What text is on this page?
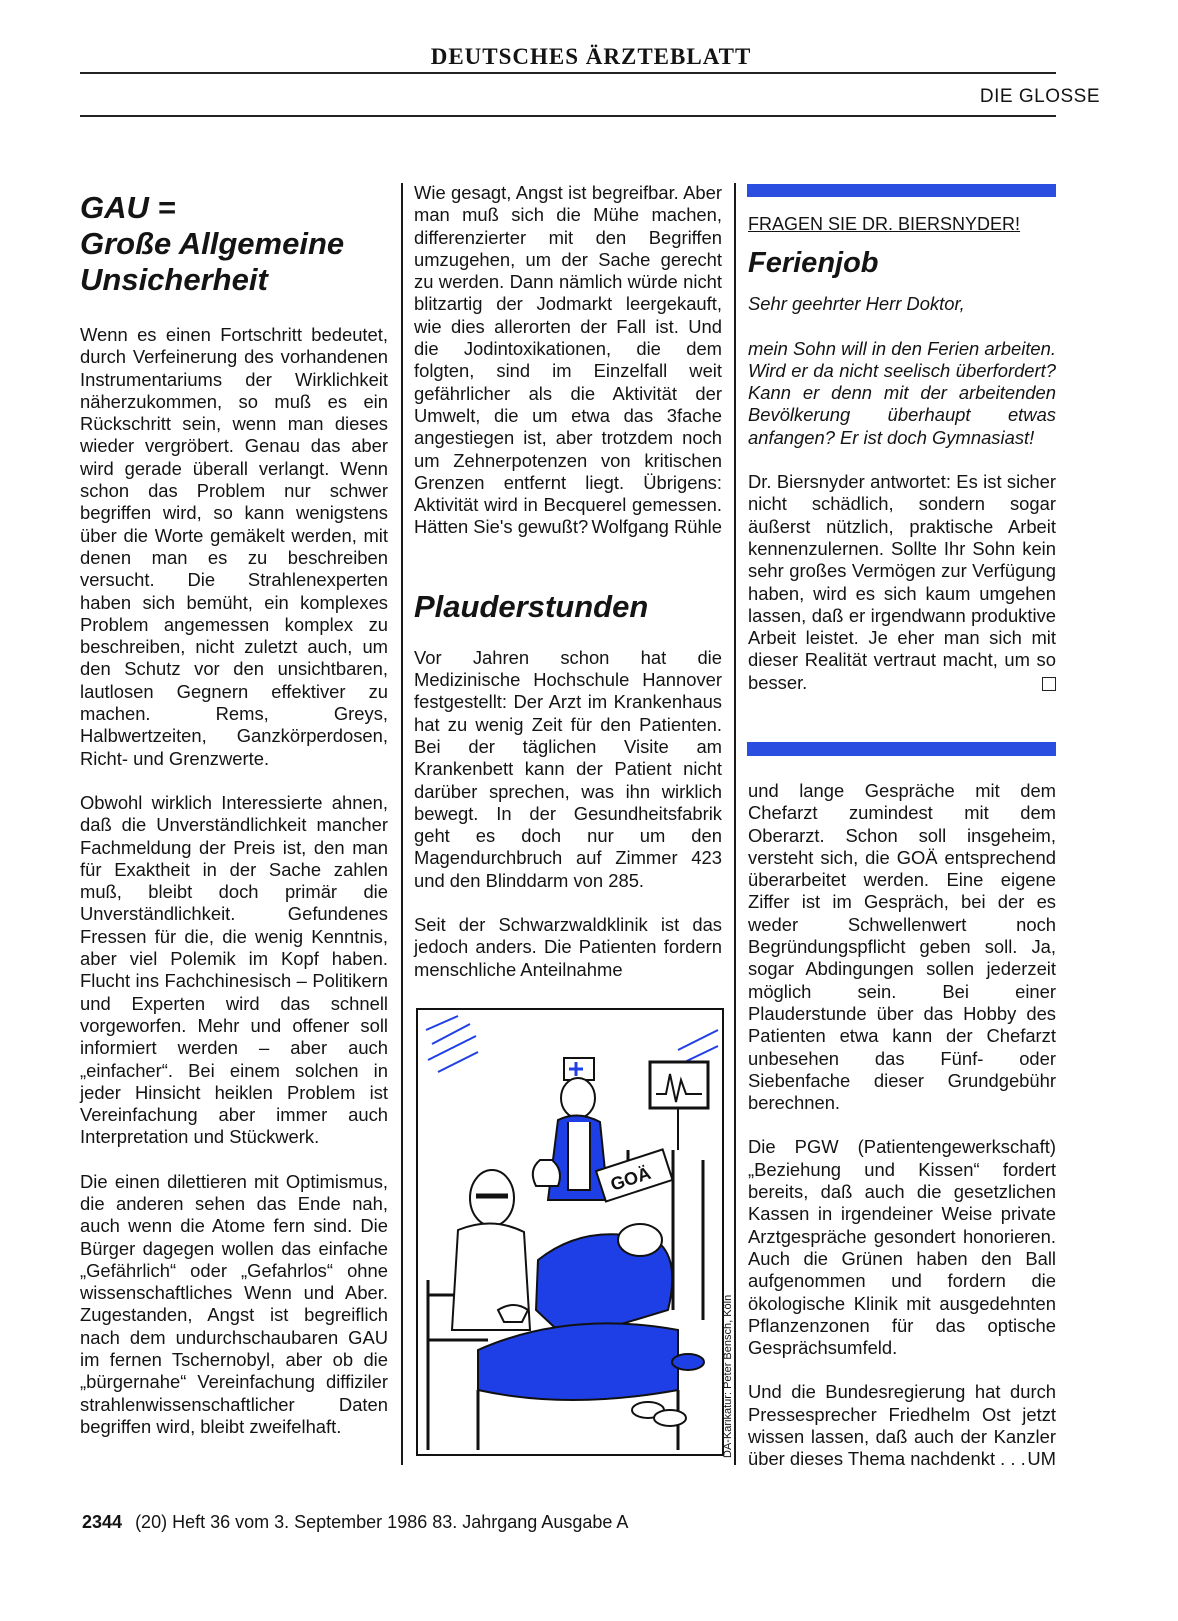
DEUTSCHES ÄRZTEBLATT
DIE GLOSSE
GAU =
Große Allgemeine
Unsicherheit

Wenn es einen Fortschritt bedeutet, durch Verfeinerung des vorhandenen Instrumentariums der Wirklichkeit näherzukommen, so muß es ein Rückschritt sein, wenn man dieses wieder vergröbert. Genau das aber wird gerade überall verlangt. Wenn schon das Problem nur schwer begriffen wird, so kann wenigstens über die Worte gemäkelt werden, mit denen man es zu beschreiben versucht. Die Strahlenexperten haben sich bemüht, ein komplexes Problem angemessen komplex zu beschreiben, nicht zuletzt auch, um den Schutz vor den unsichtbaren, lautlosen Gegnern effektiver zu machen. Rems, Greys, Halbwertzeiten, Ganzkörperdosen, Richt- und Grenzwerte.

Obwohl wirklich Interessierte ahnen, daß die Unverständlichkeit mancher Fachmeldung der Preis ist, den man für Exaktheit in der Sache zahlen muß, bleibt doch primär die Unverständlichkeit. Gefundenes Fressen für die, die wenig Kenntnis, aber viel Polemik im Kopf haben. Flucht ins Fachchinesisch – Politikern und Experten wird das schnell vorgeworfen. Mehr und offener soll informiert werden – aber auch „einfacher“. Bei einem solchen in jeder Hinsicht heiklen Problem ist Vereinfachung aber immer auch Interpretation und Stückwerk.

Die einen dilettieren mit Optimismus, die anderen sehen das Ende nah, auch wenn die Atome fern sind. Die Bürger dagegen wollen das einfache „Gefährlich“ oder „Gefahrlos“ ohne wissenschaftliches Wenn und Aber. Zugestanden, Angst ist begreiflich nach dem undurchschaubaren GAU im fernen Tschernobyl, aber ob die „bürgernahe“ Vereinfachung diffiziler strahlenwissenschaftlicher Daten begriffen wird, bleibt zweifelhaft.

Wie gesagt, Angst ist begreifbar. Aber man muß sich die Mühe machen, differenzierter mit den Begriffen umzugehen, um der Sache gerecht zu werden. Dann nämlich würde nicht blitzartig der Jodmarkt leergekauft, wie dies allerorten der Fall ist. Und die Jodintoxikationen, die dem folgten, sind im Einzelfall weit gefährlicher als die Aktivität der Umwelt, die um etwa das 3fache angestiegen ist, aber trotzdem noch um Zehnerpotenzen von kritischen Grenzen entfernt liegt. Übrigens: Aktivität wird in Becquerel gemessen. Hätten Sie's gewußt? Wolfgang Rühle

Plauderstunden

Vor Jahren schon hat die Medizinische Hochschule Hannover festgestellt: Der Arzt im Krankenhaus hat zu wenig Zeit für den Patienten. Bei der täglichen Visite am Krankenbett kann der Patient nicht darüber sprechen, was ihn wirklich bewegt. In der Gesundheitsfabrik geht es doch nur um den Magendurchbruch auf Zimmer 423 und den Blinddarm von 285.

Seit der Schwarzwaldklinik ist das jedoch anders. Die Patienten fordern menschliche Anteilnahme

GOÄ
DA-Karikatur: Peter Bensch, Köln
FRAGEN SIE DR. BIERSNYDER!
Ferienjob

Sehr geehrter Herr Doktor,

mein Sohn will in den Ferien arbeiten. Wird er da nicht seelisch überfordert? Kann er denn mit der arbeitenden Bevölkerung überhaupt etwas anfangen? Er ist doch Gymnasiast!

Dr. Biersnyder antwortet: Es ist sicher nicht schädlich, sondern sogar äußerst nützlich, praktische Arbeit kennenzulernen. Sollte Ihr Sohn kein sehr großes Vermögen zur Verfügung haben, wird es sich kaum umgehen lassen, daß er irgendwann produktive Arbeit leistet. Je eher man sich mit dieser Realität vertraut macht, um so besser.

und lange Gespräche mit dem Chefarzt zumindest mit dem Oberarzt. Schon soll insgeheim, versteht sich, die GOÄ entsprechend überarbeitet werden. Eine eigene Ziffer ist im Gespräch, bei der es weder Schwellenwert noch Begründungspflicht geben soll. Ja, sogar Abdingungen sollen jederzeit möglich sein. Bei einer Plauderstunde über das Hobby des Patienten etwa kann der Chefarzt unbesehen das Fünf- oder Siebenfache dieser Grundgebühr berechnen.

Die PGW (Patientengewerkschaft) „Beziehung und Kissen“ fordert bereits, daß auch die gesetzlichen Kassen in irgendeiner Weise private Arztgespräche gesondert honorieren. Auch die Grünen haben den Ball aufgenommen und fordern die ökologische Klinik mit ausgedehnten Pflanzenzonen für das optische Gesprächsumfeld.

Und die Bundesregierung hat durch Pressesprecher Friedhelm Ost jetzt wissen lassen, daß auch der Kanzler über dieses Thema nachdenkt . . . UM

2344 (20) Heft 36 vom 3. September 1986 83. Jahrgang Ausgabe A
